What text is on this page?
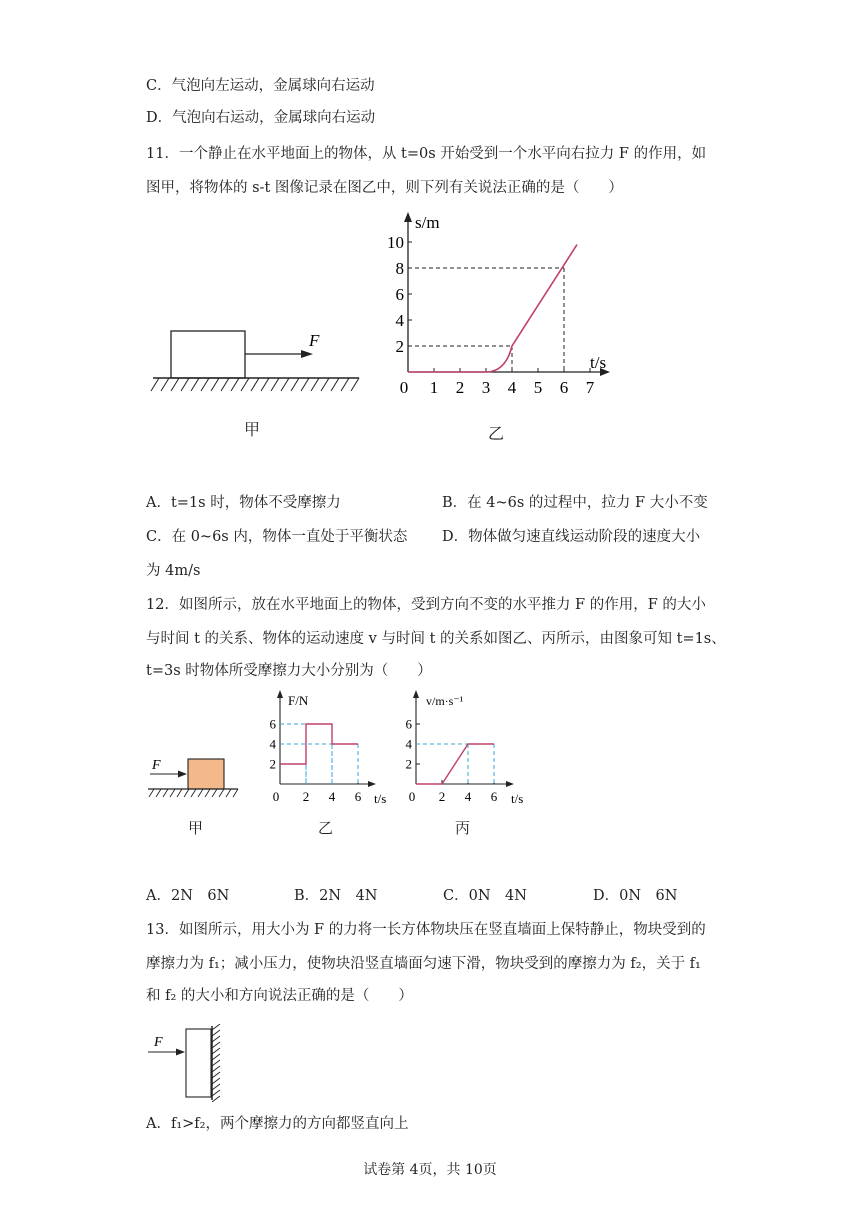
C．气泡向左运动，金属球向右运动
D．气泡向右运动，金属球向右运动
11．一个静止在水平地面上的物体，从 t=0s 开始受到一个水平向右拉力 F 的作用，如
图甲，将物体的 s-t 图像记录在图乙中，则下列有关说法正确的是（　　）
F
甲
s/m
t/s
2
4
6
8
10
0 1 2 3 4 5 6 7
乙
A．t=1s 时，物体不受摩擦力	B．在 4~6s 的过程中，拉力 F 大小不变
C．在 0~6s 内，物体一直处于平衡状态 D．物体做匀速直线运动阶段的速度大小
为 4m/s
12．如图所示，放在水平地面上的物体，受到方向不变的水平推力 F 的作用，F 的大小
与时间 t 的关系、物体的运动速度 v 与时间 t 的关系如图乙、丙所示，由图象可知 t=1s、
t=3s 时物体所受摩擦力大小分别为（　　）
F
甲
F/N
t/s
2
4
6
0 2 4 6
乙
v/m·s⁻¹
t/s
2
4
6
0 2 4 6
丙
A．2N　6N	B．2N　4N	C．0N　4N	D．0N　6N
13．如图所示，用大小为 F 的力将一长方体物块压在竖直墙面上保特静止，物块受到的
摩擦力为 f₁；减小压力，使物块沿竖直墙面匀速下滑，物块受到的摩擦力为 f₂，关于 f₁
和 f₂ 的大小和方向说法正确的是（　　）
F
A．f₁>f₂，两个摩擦力的方向都竖直向上
试卷第 4页，共 10页
